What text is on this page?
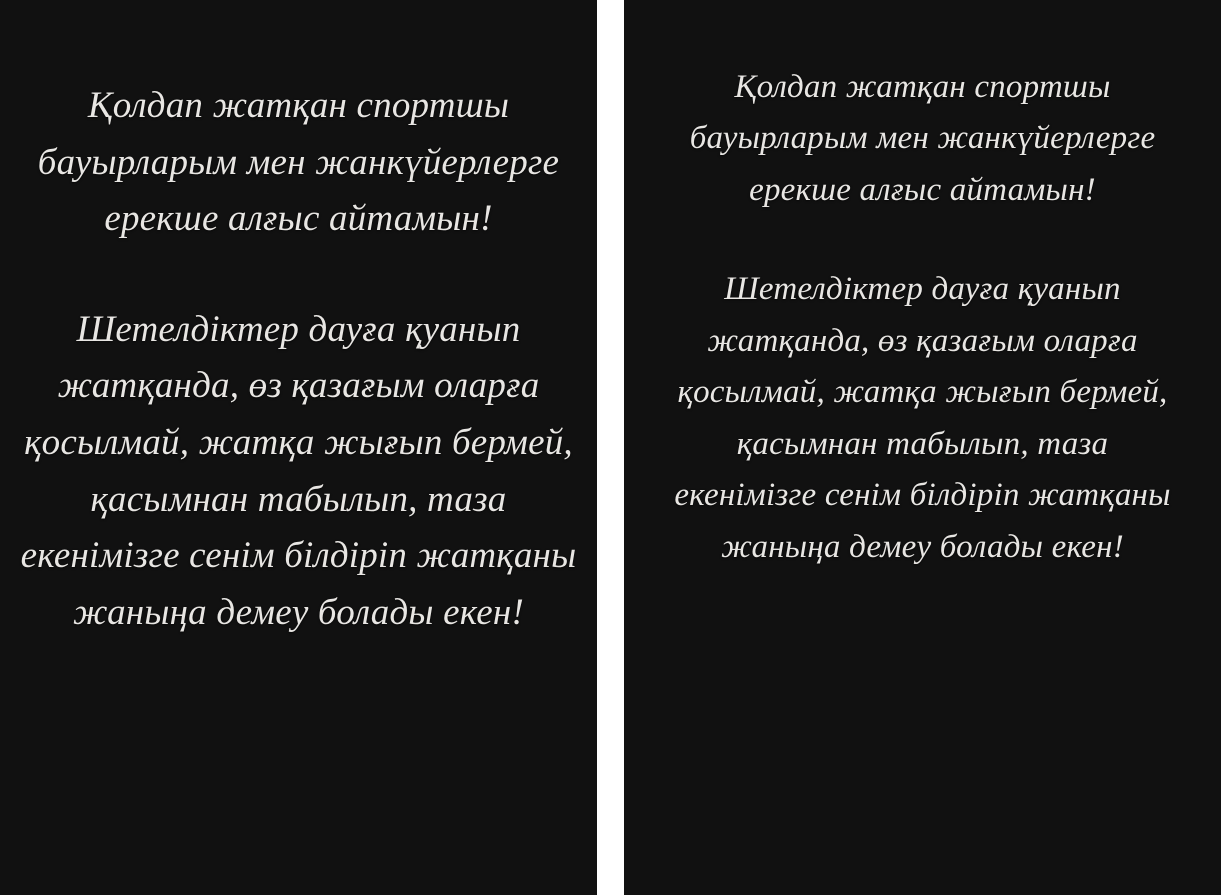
Қолдап жатқан спортшы бауырларым мен жанкүйерлерге ерекше алғыс айтамын!

Шетелдіктер дауға қуанып жатқанда, өз қазағым оларға қосылмай, жатқа жығып бермей, қасымнан табылып, таза екенімізге сенім білдіріп жатқаны жаныңа демеу болады екен!

Қолдап жатқан спортшы бауырларым мен жанкүйерлерге ерекше алғыс айтамын!

Шетелдіктер дауға қуанып жатқанда, өз қазағым оларға қосылмай, жатқа жығып бермей, қасымнан табылып, таза екенімізге сенім білдіріп жатқаны жаныңа демеу болады екен!
